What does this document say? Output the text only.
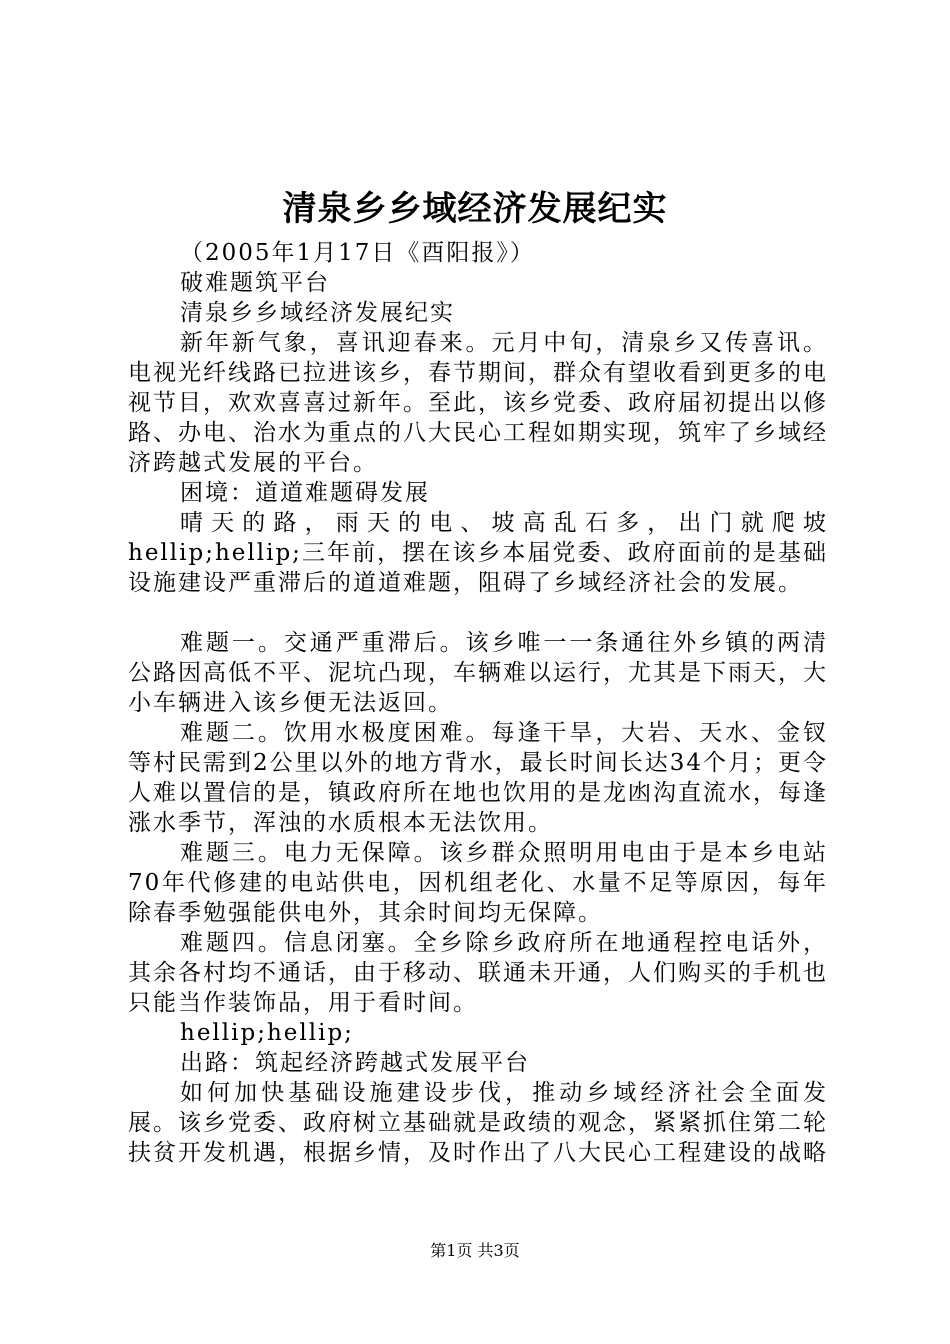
清泉乡乡域经济发展纪实

（2005年1月17日《酉阳报》）

破难题筑平台

清泉乡乡域经济发展纪实

新年新气象，喜讯迎春来。元月中旬，清泉乡又传喜讯。电视光纤线路已拉进该乡，春节期间，群众有望收看到更多的电视节目，欢欢喜喜过新年。至此，该乡党委、政府届初提出以修路、办电、治水为重点的八大民心工程如期实现，筑牢了乡域经济跨越式发展的平台。

困境：道道难题碍发展

晴天的路，雨天的电、坡高乱石多，出门就爬坡hellip;hellip;三年前，摆在该乡本届党委、政府面前的是基础设施建设严重滞后的道道难题，阻碍了乡域经济社会的发展。

难题一。交通严重滞后。该乡唯一一条通往外乡镇的两清公路因高低不平、泥坑凸现，车辆难以运行，尤其是下雨天，大小车辆进入该乡便无法返回。

难题二。饮用水极度困难。每逢干旱，大岩、天水、金钗等村民需到2公里以外的地方背水，最长时间长达34个月；更令人难以置信的是，镇政府所在地也饮用的是龙凼沟直流水，每逢涨水季节，浑浊的水质根本无法饮用。

难题三。电力无保障。该乡群众照明用电由于是本乡电站70年代修建的电站供电，因机组老化、水量不足等原因，每年除春季勉强能供电外，其余时间均无保障。

难题四。信息闭塞。全乡除乡政府所在地通程控电话外，其余各村均不通话，由于移动、联通未开通，人们购买的手机也只能当作装饰品，用于看时间。

hellip;hellip;

出路：筑起经济跨越式发展平台

如何加快基础设施建设步伐，推动乡域经济社会全面发展。该乡党委、政府树立基础就是政绩的观念，紧紧抓住第二轮扶贫开发机遇，根据乡情，及时作出了八大民心工程建设的战略

第1页 共3页
